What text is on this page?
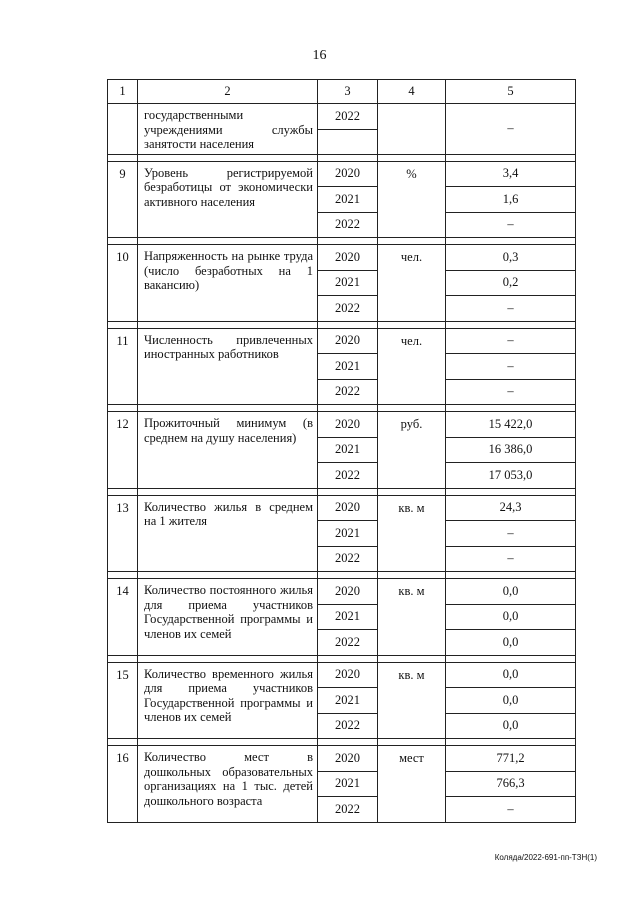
16
1	2	3	4	5
	государственными учреждениями службы занятости населения	2022		–

9	Уровень регистрируемой безработицы от экономически активного населения	2020	%	3,4
		2021		1,6
		2022		–

10	Напряженность на рынке труда (число безработных на 1 вакансию)	2020	чел.	0,3
		2021		0,2
		2022		–

11	Численность привлеченных иностранных работников	2020	чел.	–
		2021		–
		2022		–

12	Прожиточный минимум (в среднем на душу населения)	2020	руб.	15 422,0
		2021		16 386,0
		2022		17 053,0

13	Количество жилья в среднем на 1 жителя	2020	кв. м	24,3
		2021		–
		2022		–

14	Количество постоянного жилья для приема участников Государственной программы и членов их семей	2020	кв. м	0,0
		2021		0,0
		2022		0,0

15	Количество временного жилья для приема участников Государственной программы и членов их семей	2020	кв. м	0,0
		2021		0,0
		2022		0,0

16	Количество мест в дошкольных образовательных организациях на 1 тыс. детей дошкольного возраста	2020	мест	771,2
		2021		766,3
		2022		–
Коляда/2022-691-пп-ТЗН(1)
